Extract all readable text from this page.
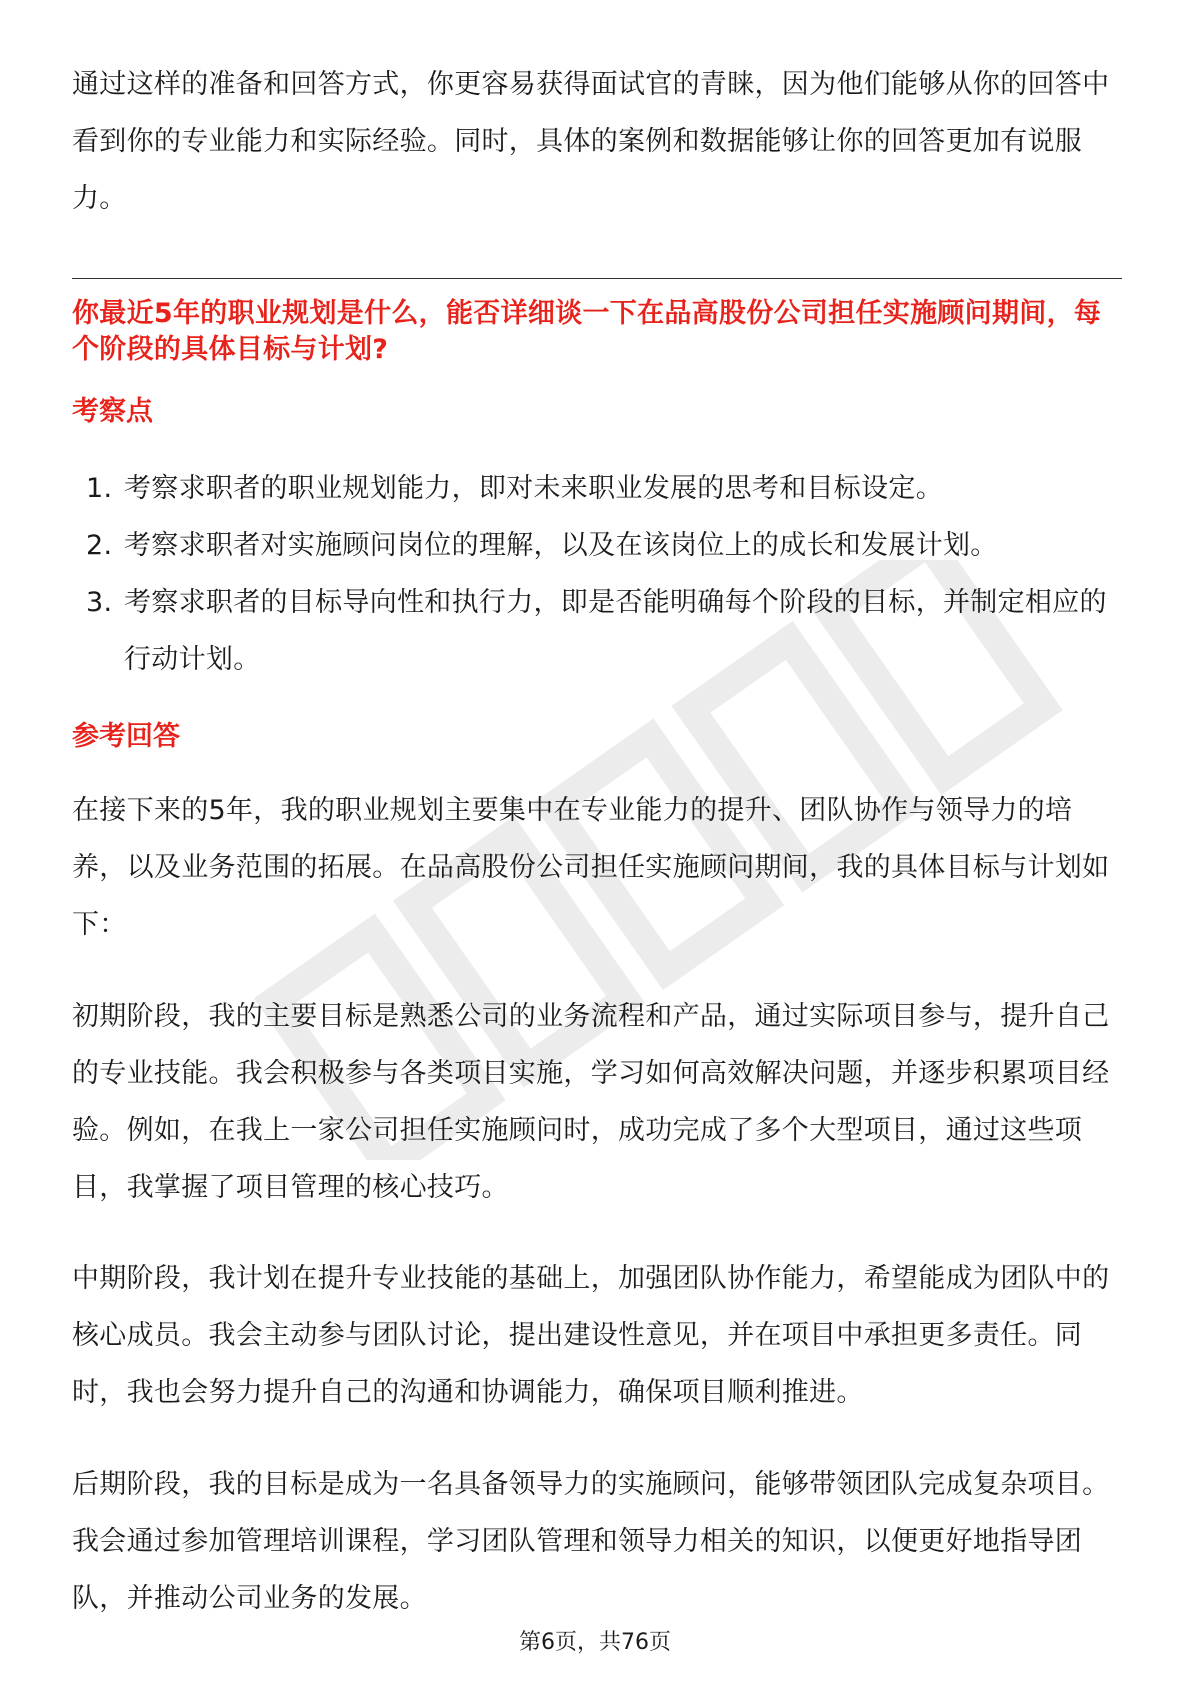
通过这样的准备和回答方式，你更容易获得面试官的青睐，因为他们能够从你的回答中看到你的专业能力和实际经验。同时，具体的案例和数据能够让你的回答更加有说服力。

你最近5年的职业规划是什么，能否详细谈一下在品高股份公司担任实施顾问期间，每个阶段的具体目标与计划?
考察点
1. 考察求职者的职业规划能力，即对未来职业发展的思考和目标设定。
2. 考察求职者对实施顾问岗位的理解，以及在该岗位上的成长和发展计划。
3. 考察求职者的目标导向性和执行力，即是否能明确每个阶段的目标，并制定相应的行动计划。
参考回答

在接下来的5年，我的职业规划主要集中在专业能力的提升、团队协作与领导力的培养，以及业务范围的拓展。在品高股份公司担任实施顾问期间，我的具体目标与计划如下：

初期阶段，我的主要目标是熟悉公司的业务流程和产品，通过实际项目参与，提升自己的专业技能。我会积极参与各类项目实施，学习如何高效解决问题，并逐步积累项目经验。例如，在我上一家公司担任实施顾问时，成功完成了多个大型项目，通过这些项目，我掌握了项目管理的核心技巧。

中期阶段，我计划在提升专业技能的基础上，加强团队协作能力，希望能成为团队中的核心成员。我会主动参与团队讨论，提出建设性意见，并在项目中承担更多责任。同时，我也会努力提升自己的沟通和协调能力，确保项目顺利推进。

后期阶段，我的目标是成为一名具备领导力的实施顾问，能够带领团队完成复杂项目。我会通过参加管理培训课程，学习团队管理和领导力相关的知识，以便更好地指导团队，并推动公司业务的发展。

第6页，共76页
